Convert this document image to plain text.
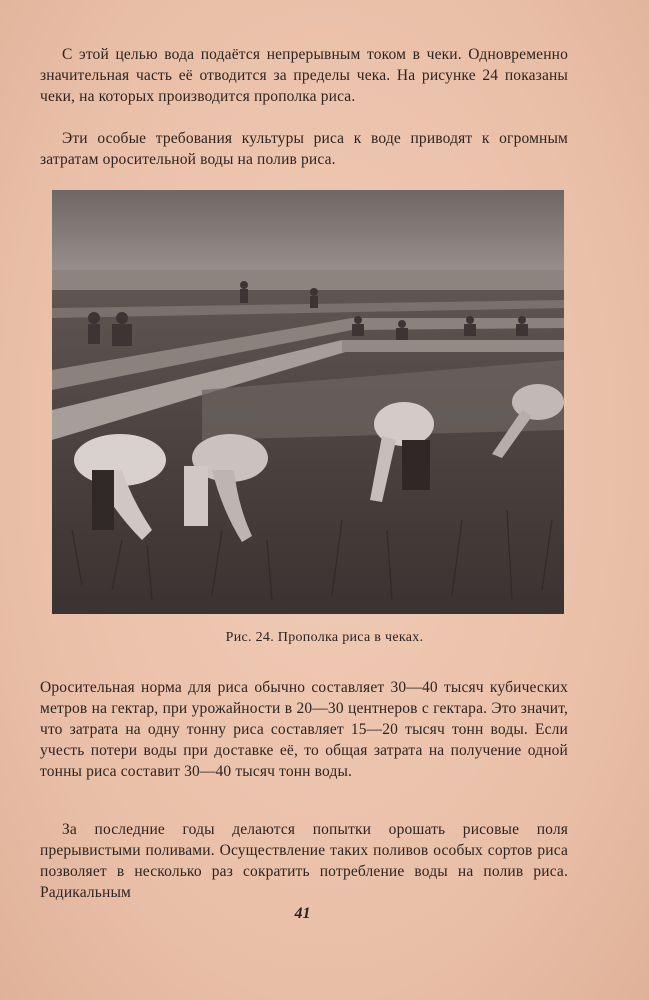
С этой целью вода подаётся непрерывным током в чеки. Одновременно значительная часть её отводится за пределы чека. На рисунке 24 показаны чеки, на которых производится прополка риса.
Эти особые требования культуры риса к воде приводят к огромным затратам оросительной воды на полив риса.
Рис. 24. Прополка риса в чеках.
Оросительная норма для риса обычно составляет 30—40 тысяч кубических метров на гектар, при урожайности в 20—30 центнеров с гектара. Это значит, что затрата на одну тонну риса составляет 15—20 тысяч тонн воды. Если учесть потери воды при доставке её, то общая затрата на получение одной тонны риса составит 30—40 тысяч тонн воды.
За последние годы делаются попытки орошать рисовые поля прерывистыми поливами. Осуществление таких поливов особых сортов риса позволяет в несколько раз сократить потребление воды на полив риса. Радикальным
41
